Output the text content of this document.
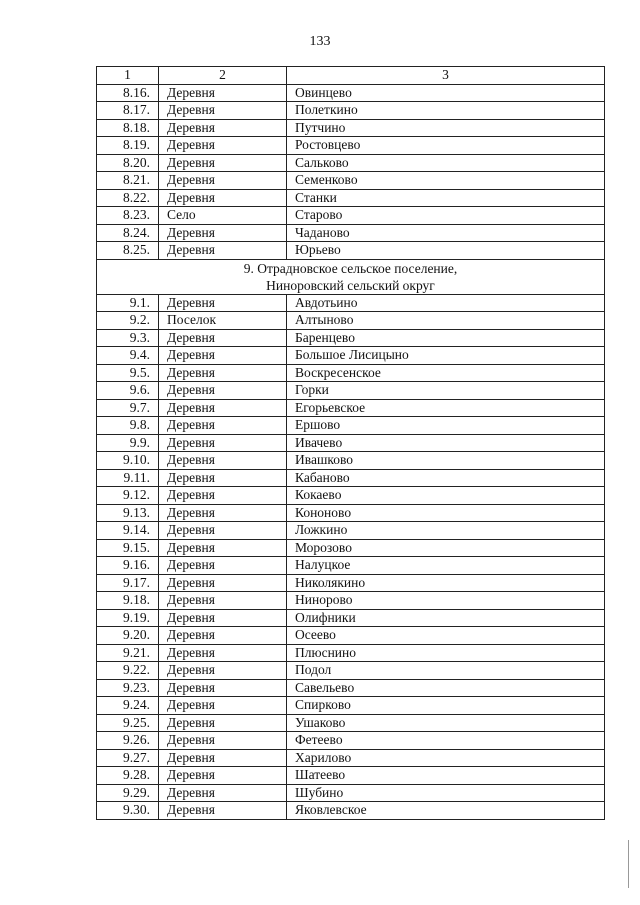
133
1	2	3
8.16.	Деревня	Овинцево
8.17.	Деревня	Полеткино
8.18.	Деревня	Путчино
8.19.	Деревня	Ростовцево
8.20.	Деревня	Сальково
8.21.	Деревня	Семенково
8.22.	Деревня	Станки
8.23.	Село	Старово
8.24.	Деревня	Чаданово
8.25.	Деревня	Юрьево

9. Отрадновское сельское поселение,
Ниноровский сельский округ		

9.1.	Деревня	Авдотьино
9.2.	Поселок	Алтыново
9.3.	Деревня	Баренцево
9.4.	Деревня	Большое Лисицыно
9.5.	Деревня	Воскресенское
9.6.	Деревня	Горки
9.7.	Деревня	Егорьевское
9.8.	Деревня	Ершово
9.9.	Деревня	Ивачево
9.10.	Деревня	Ивашково
9.11.	Деревня	Кабаново
9.12.	Деревня	Кокаево
9.13.	Деревня	Кононово
9.14.	Деревня	Ложкино
9.15.	Деревня	Морозово
9.16.	Деревня	Налуцкое
9.17.	Деревня	Николякино
9.18.	Деревня	Нинорово
9.19.	Деревня	Олифники
9.20.	Деревня	Осеево
9.21.	Деревня	Плюснино
9.22.	Деревня	Подол
9.23.	Деревня	Савельево
9.24.	Деревня	Спирково
9.25.	Деревня	Ушаково
9.26.	Деревня	Фетеево
9.27.	Деревня	Харилово
9.28.	Деревня	Шатеево
9.29.	Деревня	Шубино
9.30.	Деревня	Яковлевское
